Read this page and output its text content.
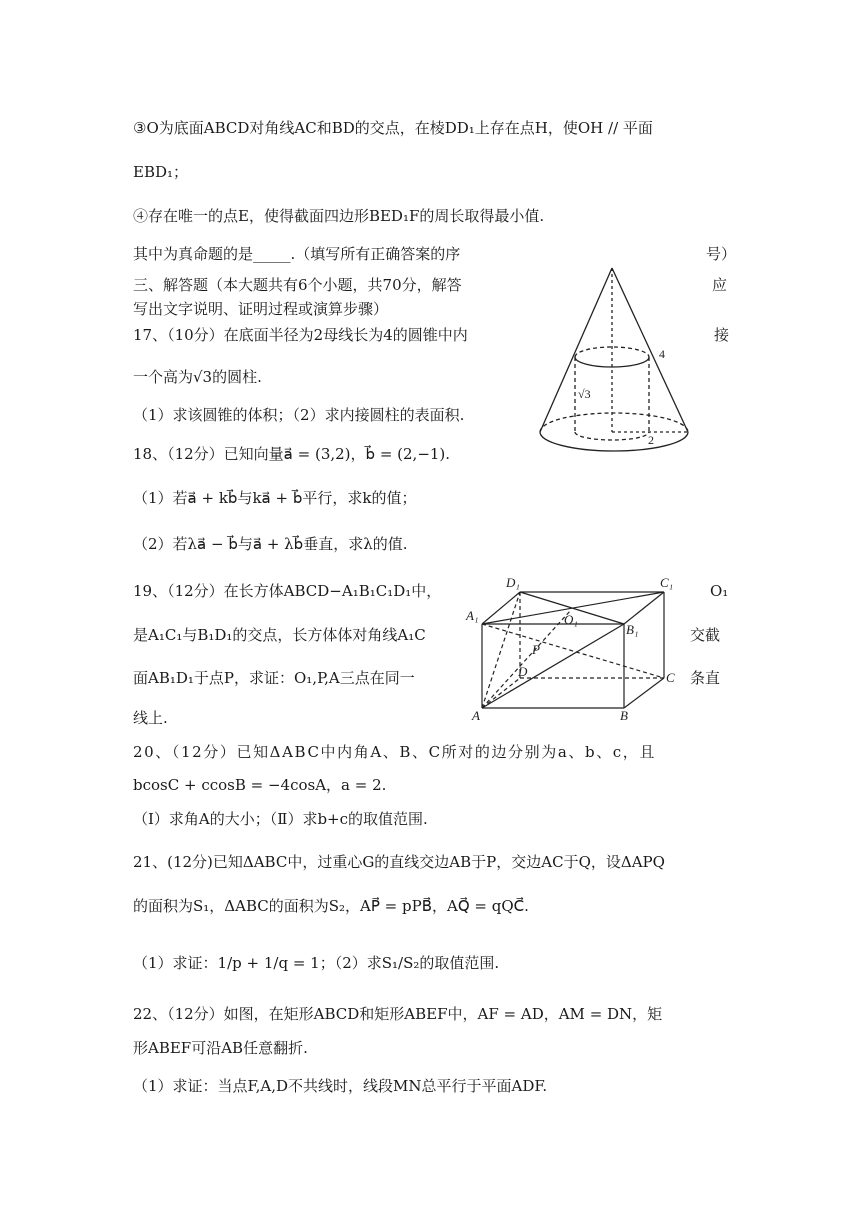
③O为底面ABCD对角线AC和BD的交点，在棱DD₁上存在点H，使OH // 平面
EBD₁；
④存在唯一的点E，使得截面四边形BED₁F的周长取得最小值.
其中为真命题的是_____.（填写所有正确答案的序	号）
三、解答题（本大题共有6个小题，共70分，解答	应
写出文字说明、证明过程或演算步骤）
17、（10分）在底面半径为2母线长为4的圆锥中内	接
一个高为√3的圆柱.
（1）求该圆锥的体积；（2）求内接圆柱的表面积.
18、（12分）已知向量a⃗ = (3,2)，b⃗ = (2,−1).
（1）若a⃗ + kb⃗与ka⃗ + b⃗平行，求k的值；
（2）若λa⃗ − b⃗与a⃗ + λb⃗垂直，求λ的值.
19、（12分）在长方体ABCD−A₁B₁C₁D₁中，	O₁
是A₁C₁与B₁D₁的交点，长方体体对角线A₁C	交截
面AB₁D₁于点P，求证：O₁,P,A三点在同一	条直
线上.
20、（12分）已知ΔABC中内角A、B、C所对的边分别为a、b、c，且
bcosC + ccosB = −4cosA，a = 2.
（Ⅰ）求角A的大小；（Ⅱ）求b+c的取值范围.
21、(12分)已知ΔABC中，过重心G的直线交边AB于P，交边AC于Q，设ΔAPQ
的面积为S₁，ΔABC的面积为S₂，AP⃗ = pPB⃗，AQ⃗ = qQC⃗.
（1）求证：1/p + 1/q = 1；（2）求S₁/S₂的取值范围.
22、（12分）如图，在矩形ABCD和矩形ABEF中，AF = AD，AM = DN，矩
形ABEF可沿AB任意翻折.
（1）求证：当点F,A,D不共线时，线段MN总平行于平面ADF.
4
√3
2
D₁	C₁
A₁
B₁
O₁
P
D	C
A	B
